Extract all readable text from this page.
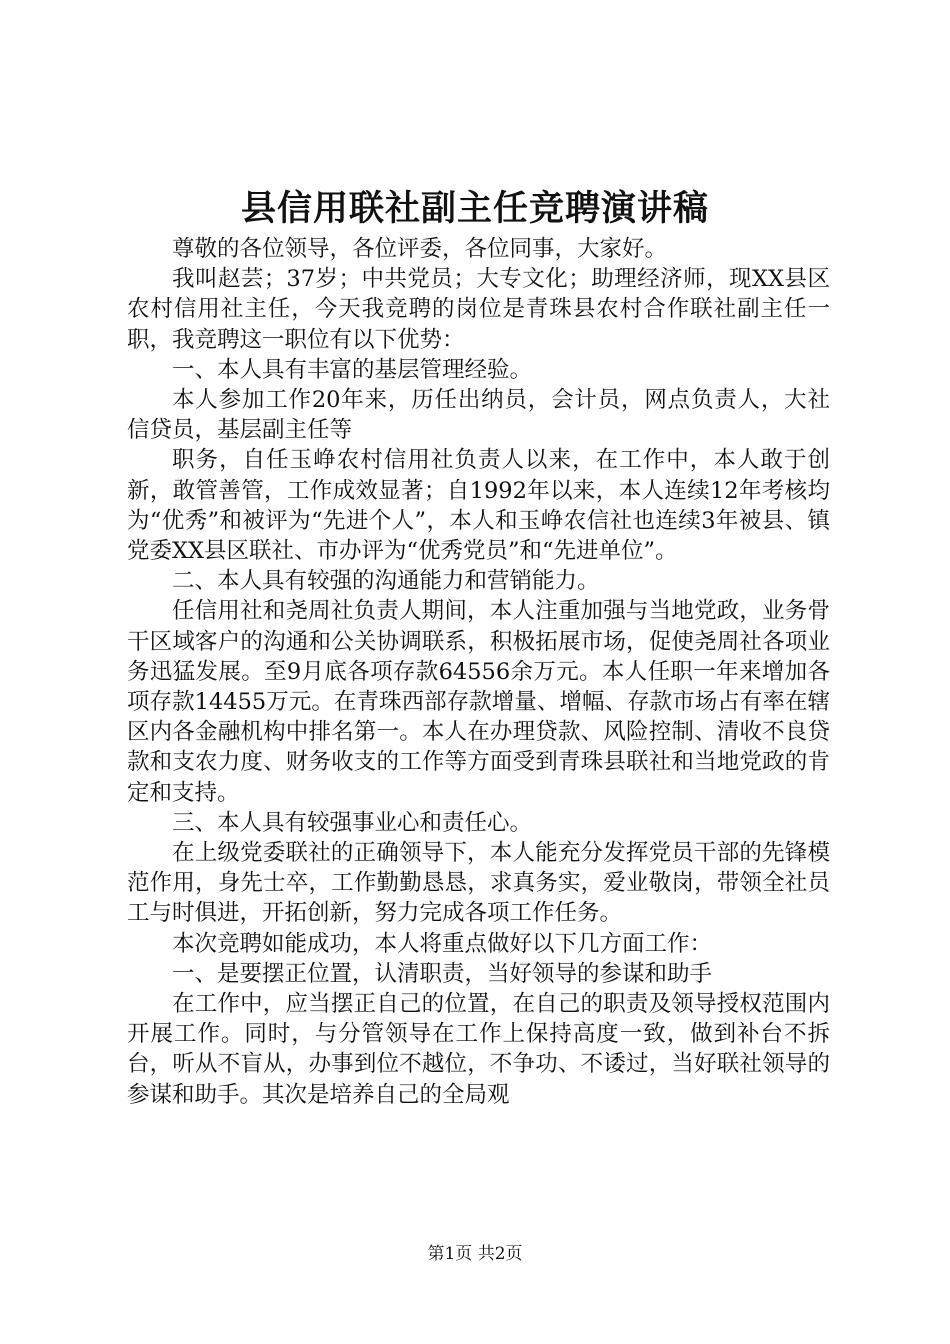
县信用联社副主任竞聘演讲稿

尊敬的各位领导，各位评委，各位同事，大家好。

我叫赵芸；37岁；中共党员；大专文化；助理经济师，现XX县区农村信用社主任，今天我竞聘的岗位是青珠县农村合作联社副主任一职，我竞聘这一职位有以下优势：

一、本人具有丰富的基层管理经验。

本人参加工作20年来，历任出纳员，会计员，网点负责人，大社信贷员，基层副主任等

职务，自任玉峥农村信用社负责人以来，在工作中，本人敢于创新，敢管善管，工作成效显著；自1992年以来，本人连续12年考核均为“优秀”和被评为“先进个人”，本人和玉峥农信社也连续3年被县、镇党委XX县区联社、市办评为“优秀党员”和“先进单位”。

二、本人具有较强的沟通能力和营销能力。

任信用社和尧周社负责人期间，本人注重加强与当地党政，业务骨干区域客户的沟通和公关协调联系，积极拓展市场，促使尧周社各项业务迅猛发展。至9月底各项存款64556余万元。本人任职一年来增加各项存款14455万元。在青珠西部存款增量、增幅、存款市场占有率在辖区内各金融机构中排名第一。本人在办理贷款、风险控制、清收不良贷款和支农力度、财务收支的工作等方面受到青珠县联社和当地党政的肯定和支持。

三、本人具有较强事业心和责任心。

在上级党委联社的正确领导下，本人能充分发挥党员干部的先锋模范作用，身先士卒，工作勤勤恳恳，求真务实，爱业敬岗，带领全社员工与时俱进，开拓创新，努力完成各项工作任务。

本次竞聘如能成功，本人将重点做好以下几方面工作：

一、是要摆正位置，认清职责，当好领导的参谋和助手

在工作中，应当摆正自己的位置，在自己的职责及领导授权范围内开展工作。同时，与分管领导在工作上保持高度一致，做到补台不拆台，听从不盲从，办事到位不越位，不争功、不诿过，当好联社领导的参谋和助手。其次是培养自己的全局观

第1页 共2页
